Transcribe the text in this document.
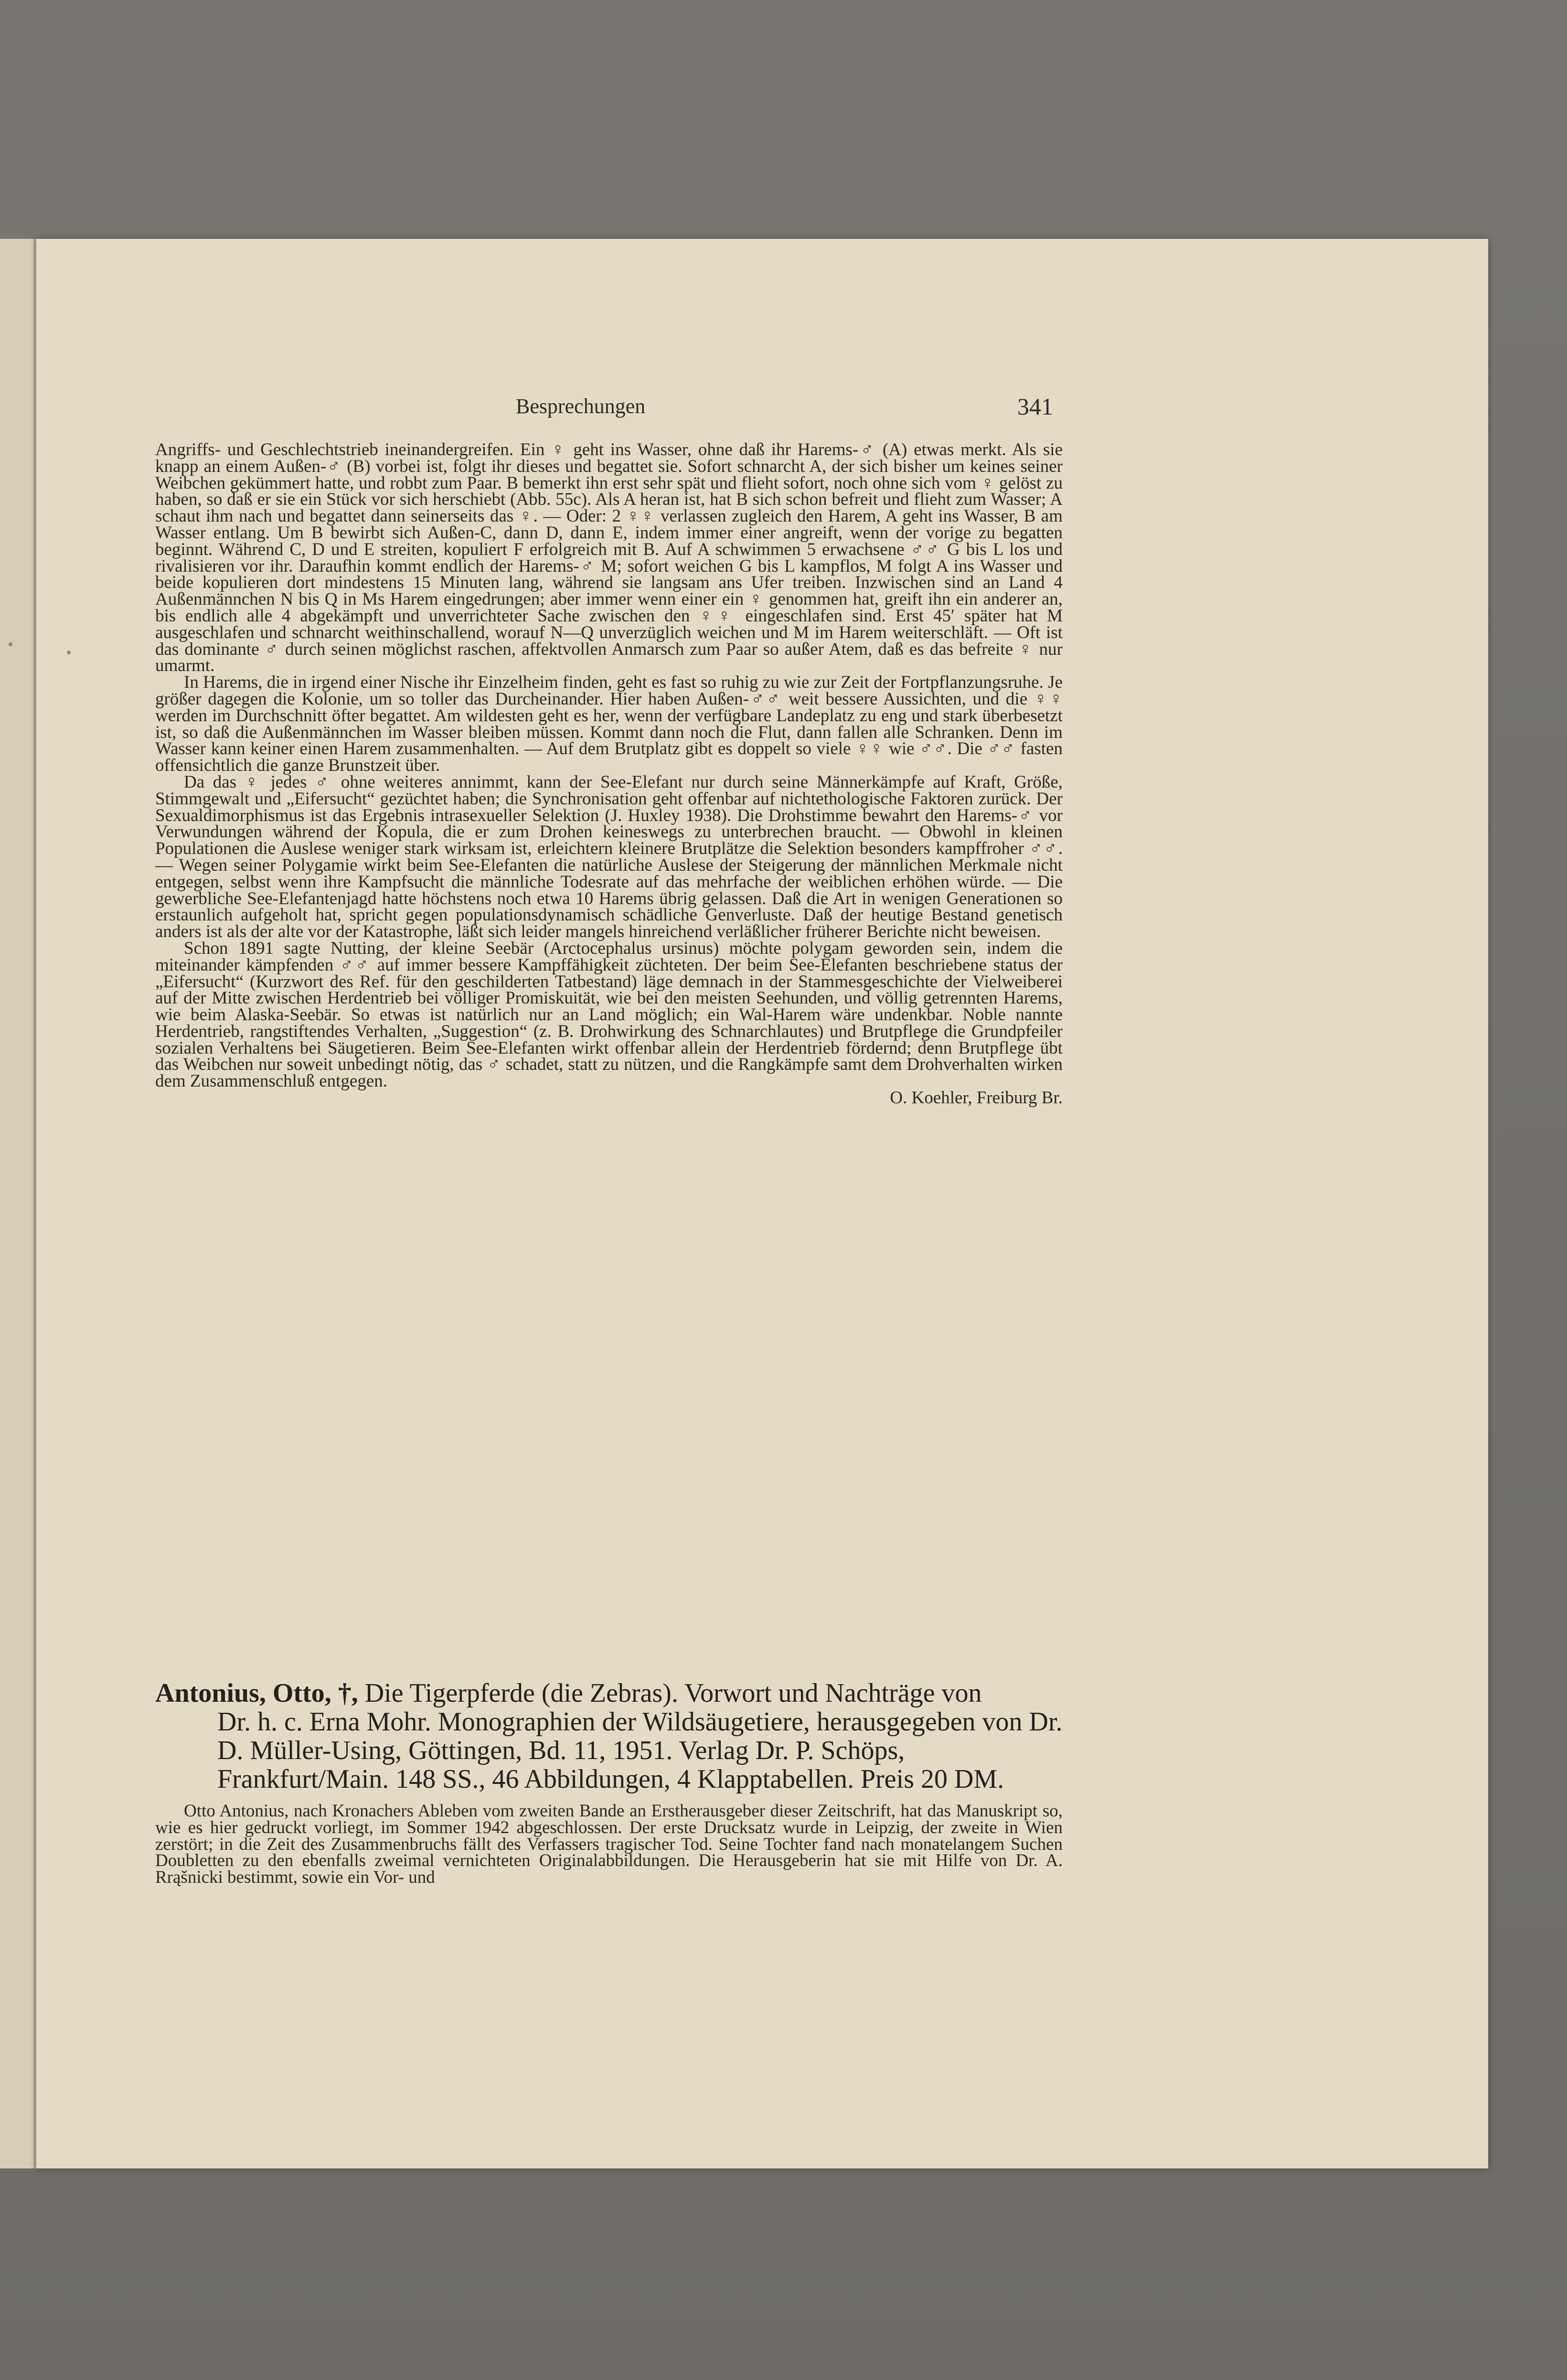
Besprechungen	341

Angriffs- und Geschlechtstrieb ineinandergreifen. Ein ♀ geht ins Wasser, ohne daß ihr Harems-♂ (A) etwas merkt. Als sie knapp an einem Außen-♂ (B) vorbei ist, folgt ihr dieses und begattet sie. Sofort schnarcht A, der sich bisher um keines seiner Weibchen gekümmert hatte, und robbt zum Paar. B bemerkt ihn erst sehr spät und flieht sofort, noch ohne sich vom ♀ gelöst zu haben, so daß er sie ein Stück vor sich herschiebt (Abb. 55c). Als A heran ist, hat B sich schon befreit und flieht zum Wasser; A schaut ihm nach und begattet dann seinerseits das ♀. — Oder: 2 ♀♀ verlassen zugleich den Harem, A geht ins Wasser, B am Wasser entlang. Um B bewirbt sich Außen-C, dann D, dann E, indem immer einer angreift, wenn der vorige zu begatten beginnt. Während C, D und E streiten, kopuliert F erfolgreich mit B. Auf A schwimmen 5 erwachsene ♂♂ G bis L los und rivalisieren vor ihr. Daraufhin kommt endlich der Harems-♂ M; sofort weichen G bis L kampflos, M folgt A ins Wasser und beide kopulieren dort mindestens 15 Minuten lang, während sie langsam ans Ufer treiben. Inzwischen sind an Land 4 Außenmännchen N bis Q in Ms Harem eingedrungen; aber immer wenn einer ein ♀ genommen hat, greift ihn ein anderer an, bis endlich alle 4 abgekämpft und unverrichteter Sache zwischen den ♀♀ eingeschlafen sind. Erst 45′ später hat M ausgeschlafen und schnarcht weithinschallend, worauf N—Q unverzüglich weichen und M im Harem weiterschläft. — Oft ist das dominante ♂ durch seinen möglichst raschen, affektvollen Anmarsch zum Paar so außer Atem, daß es das befreite ♀ nur umarmt.

In Harems, die in irgend einer Nische ihr Einzelheim finden, geht es fast so ruhig zu wie zur Zeit der Fortpflanzungsruhe. Je größer dagegen die Kolonie, um so toller das Durcheinander. Hier haben Außen-♂♂ weit bessere Aussichten, und die ♀♀ werden im Durchschnitt öfter begattet. Am wildesten geht es her, wenn der verfügbare Landeplatz zu eng und stark überbesetzt ist, so daß die Außenmännchen im Wasser bleiben müssen. Kommt dann noch die Flut, dann fallen alle Schranken. Denn im Wasser kann keiner einen Harem zusammenhalten. — Auf dem Brutplatz gibt es doppelt so viele ♀♀ wie ♂♂. Die ♂♂ fasten offensichtlich die ganze Brunstzeit über.

Da das ♀ jedes ♂ ohne weiteres annimmt, kann der See-Elefant nur durch seine Männerkämpfe auf Kraft, Größe, Stimmgewalt und „Eifersucht“ gezüchtet haben; die Synchronisation geht offenbar auf nichtethologische Faktoren zurück. Der Sexualdimorphismus ist das Ergebnis intrasexueller Selektion (J. Huxley 1938). Die Drohstimme bewahrt den Harems-♂ vor Verwundungen während der Kopula, die er zum Drohen keineswegs zu unterbrechen braucht. — Obwohl in kleinen Populationen die Auslese weniger stark wirksam ist, erleichtern kleinere Brutplätze die Selektion besonders kampffroher ♂♂. — Wegen seiner Polygamie wirkt beim See-Elefanten die natürliche Auslese der Steigerung der männlichen Merkmale nicht entgegen, selbst wenn ihre Kampfsucht die männliche Todesrate auf das mehrfache der weiblichen erhöhen würde. — Die gewerbliche See-Elefantenjagd hatte höchstens noch etwa 10 Harems übrig gelassen. Daß die Art in wenigen Generationen so erstaunlich aufgeholt hat, spricht gegen populationsdynamisch schädliche Genverluste. Daß der heutige Bestand genetisch anders ist als der alte vor der Katastrophe, läßt sich leider mangels hinreichend verläßlicher früherer Berichte nicht beweisen.

Schon 1891 sagte Nutting, der kleine Seebär (Arctocephalus ursinus) möchte polygam geworden sein, indem die miteinander kämpfenden ♂♂ auf immer bessere Kampffähigkeit züchteten. Der beim See-Elefanten beschriebene status der „Eifersucht“ (Kurzwort des Ref. für den geschilderten Tatbestand) läge demnach in der Stammesgeschichte der Vielweiberei auf der Mitte zwischen Herdentrieb bei völliger Promiskuität, wie bei den meisten Seehunden, und völlig getrennten Harems, wie beim Alaska-Seebär. So etwas ist natürlich nur an Land möglich; ein Wal-Harem wäre undenkbar. Noble nannte Herdentrieb, rangstiftendes Verhalten, „Suggestion“ (z. B. Drohwirkung des Schnarchlautes) und Brutpflege die Grundpfeiler sozialen Verhaltens bei Säugetieren. Beim See-Elefanten wirkt offenbar allein der Herdentrieb fördernd; denn Brutpflege übt das Weibchen nur soweit unbedingt nötig, das ♂ schadet, statt zu nützen, und die Rangkämpfe samt dem Drohverhalten wirken dem Zusammenschluß entgegen.

O. Koehler, Freiburg Br.

Antonius, Otto, †, Die Tigerpferde (die Zebras). Vorwort und Nachträge von

Dr. h. c. Erna Mohr. Monographien der Wildsäugetiere, herausgegeben von Dr. D. Müller-Using, Göttingen, Bd. 11, 1951. Verlag Dr. P. Schöps, Frankfurt/Main. 148 SS., 46 Abbildungen, 4 Klapptabellen. Preis 20 DM.

Otto Antonius, nach Kronachers Ableben vom zweiten Bande an Erstherausgeber dieser Zeitschrift, hat das Manuskript so, wie es hier gedruckt vorliegt, im Sommer 1942 abgeschlossen. Der erste Drucksatz wurde in Leipzig, der zweite in Wien zerstört; in die Zeit des Zusammenbruchs fällt des Verfassers tragischer Tod. Seine Tochter fand nach monatelangem Suchen Doubletten zu den ebenfalls zweimal vernichteten Originalabbildungen. Die Herausgeberin hat sie mit Hilfe von Dr. A. Rrąšnicki bestimmt, sowie ein Vor- und
